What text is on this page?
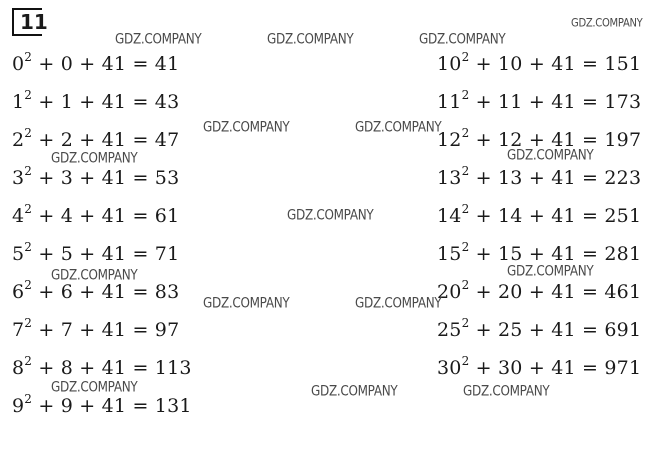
11
$0^2 + 0 + 41 = 41$
$1^2 + 1 + 41 = 43$
$2^2 + 2 + 41 = 47$
$3^2 + 3 + 41 = 53$
$4^2 + 4 + 41 = 61$
$5^2 + 5 + 41 = 71$
$6^2 + 6 + 41 = 83$
$7^2 + 7 + 41 = 97$
$8^2 + 8 + 41 = 113$
$9^2 + 9 + 41 = 131$
$10^2 + 10 + 41 = 151$
$11^2 + 11 + 41 = 173$
$12^2 + 12 + 41 = 197$
$13^2 + 13 + 41 = 223$
$14^2 + 14 + 41 = 251$
$15^2 + 15 + 41 = 281$
$20^2 + 20 + 41 = 461$
$25^2 + 25 + 41 = 691$
$30^2 + 30 + 41 = 971$
GDZ.COMPANY
GDZ.COMPANY	GDZ.COMPANY	GDZ.COMPANY
GDZ.COMPANY	GDZ.COMPANY
GDZ.COMPANY	GDZ.COMPANY
GDZ.COMPANY
GDZ.COMPANY	GDZ.COMPANY
GDZ.COMPANY	GDZ.COMPANY
GDZ.COMPANY	GDZ.COMPANY	GDZ.COMPANY
